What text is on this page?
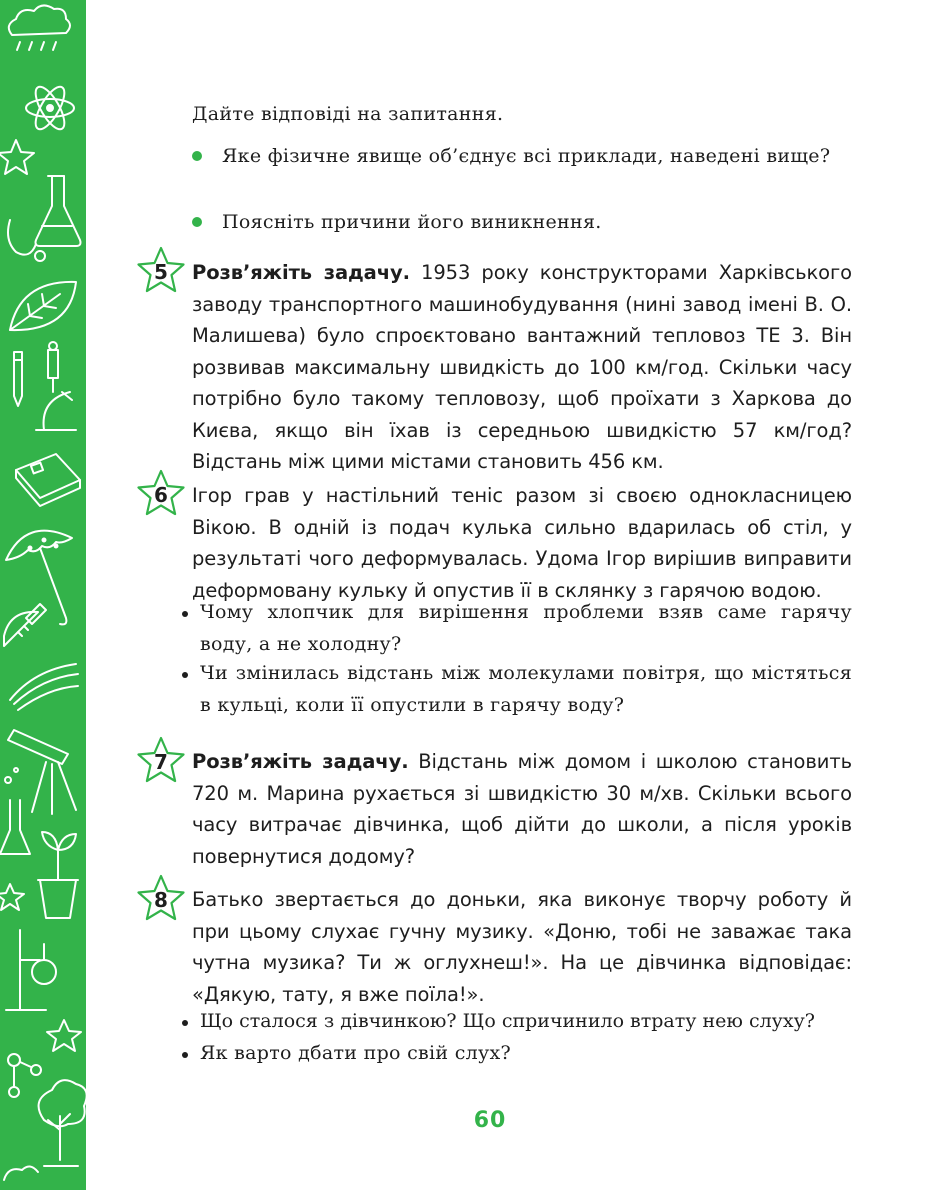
Дайте відповіді на запитання.
Яке фізичне явище об’єднує всі приклади, наведені вище?
Поясніть причини його виникнення.
5	Розв’яжіть задачу. 1953 року конструкторами Харківського заводу транспортного машинобудування (нині завод імені В. О. Малишева) було спроєктовано вантажний тепловоз ТЕ 3. Він розвивав максимальну швидкість до 100 км/год. Скільки часу потрібно було такому тепловозу, щоб проїхати з Харкова до Києва, якщо він їхав із середньою швидкістю 57 км/год? Відстань між цими містами становить 456 км.
6	Ігор грав у настільний теніс разом зі своєю однокласницею Вікою. В одній із подач кулька сильно вдарилась об стіл, у результаті чого деформувалась. Удома Ігор вирішив виправити деформовану кульку й опустив її в склянку з гарячою водою.
Чому хлопчик для вирішення проблеми взяв саме гарячу воду, а не холодну?
Чи змінилась відстань між молекулами повітря, що містяться в кульці, коли її опустили в гарячу воду?
7	Розв’яжіть задачу. Відстань між домом і школою становить 720 м. Марина рухається зі швидкістю 30 м/хв. Скільки всього часу витрачає дівчинка, щоб дійти до школи, а після уроків повернутися додому?
8	Батько звертається до доньки, яка виконує творчу роботу й при цьому слухає гучну музику. «Доню, тобі не заважає така чутна музика? Ти ж оглухнеш!». На це дівчинка відповідає: «Дякую, тату, я вже поїла!».
Що сталося з дівчинкою? Що спричинило втрату нею слуху?
Як варто дбати про свій слух?
60
